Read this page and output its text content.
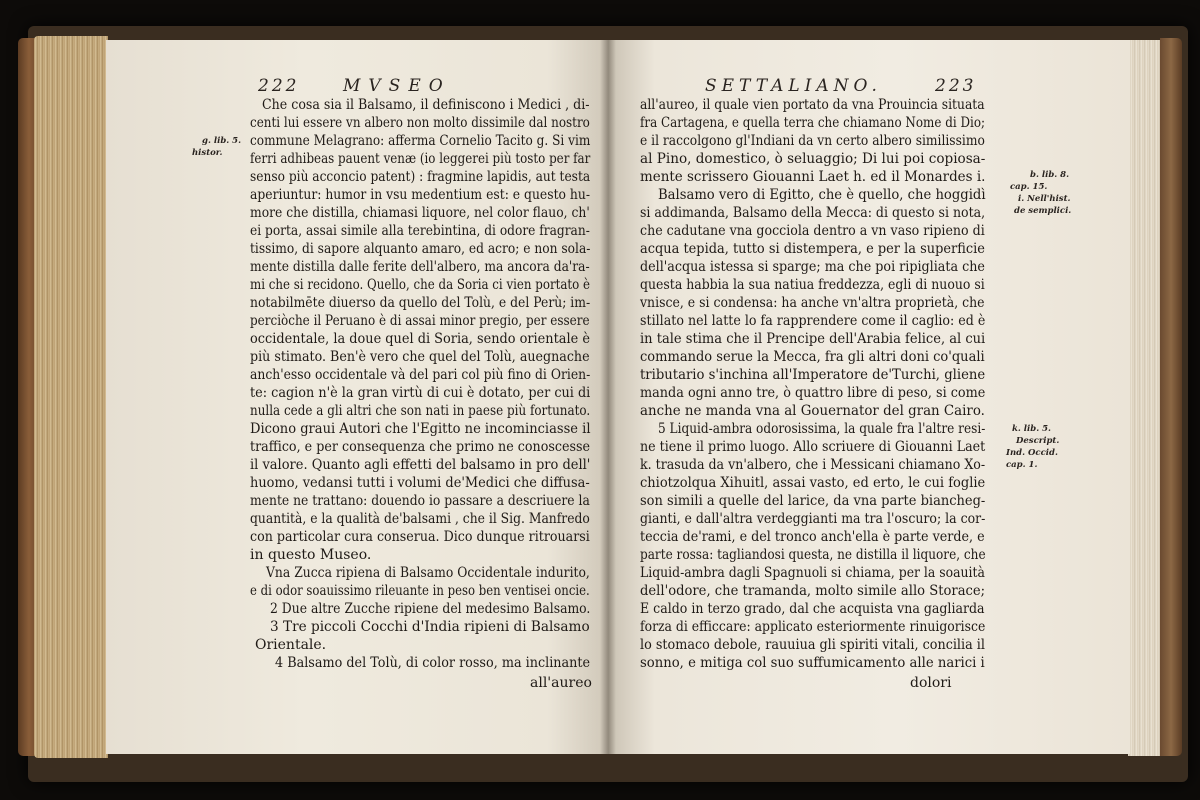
222	MVSEO	SETTALIANO.	223
Che cosa sia il Balsamo, il definiscono i Medici , di-
centi lui essere vn albero non molto dissimile dal nostro
commune Melagrano: afferma Cornelio Tacito g. Si vim
ferri adhibeas pauent venæ (io leggerei più tosto per far
senso più acconcio patent) : fragmine lapidis, aut testa
aperiuntur: humor in vsu medentium est: e questo hu-
more che distilla, chiamasi liquore, nel color flauo, ch'
ei porta, assai simile alla terebintina, di odore fragran-
tissimo, di sapore alquanto amaro, ed acro; e non sola-
mente distilla dalle ferite dell'albero, ma ancora da'ra-
mi che si recidono. Quello, che da Soria ci vien portato è
notabilmēte diuerso da quello del Tolù, e del Perù; im-
perciòche il Peruano è di assai minor pregio, per essere
occidentale, la doue quel di Soria, sendo orientale è
più stimato. Ben'è vero che quel del Tolù, auegnache
anch'esso occidentale và del pari col più fino di Orien-
te: cagion n'è la gran virtù di cui è dotato, per cui di
nulla cede a gli altri che son nati in paese più fortunato.
Dicono graui Autori che l'Egitto ne incominciasse il
traffico, e per consequenza che primo ne conoscesse
il valore. Quanto agli effetti del balsamo in pro dell'
huomo, vedansi tutti i volumi de'Medici che diffusa-
mente ne trattano: douendo io passare a descriuere la
quantità, e la qualità de'balsami , che il Sig. Manfredo
con particolar cura conserua. Dico dunque ritrouarsi
in questo Museo.
Vna Zucca ripiena di Balsamo Occidentale indurito,
e di odor soauissimo rileuante in peso ben ventisei oncie.
2 Due altre Zucche ripiene del medesimo Balsamo.
3 Tre piccoli Cocchi d'India ripieni di Balsamo
Orientale.
4 Balsamo del Tolù, di color rosso, ma inclinante
all'aureo
g. lib. 5.
histor.
all'aureo, il quale vien portato da vna Prouincia situata
fra Cartagena, e quella terra che chiamano Nome di Dio;
e il raccolgono gl'Indiani da vn certo albero similissimo
al Pino, domestico, ò seluaggio; Di lui poi copiosa-
mente scrissero Giouanni Laet h. ed il Monardes i.
Balsamo vero di Egitto, che è quello, che hoggidì
si addimanda, Balsamo della Mecca: di questo si nota,
che cadutane vna gocciola dentro a vn vaso ripieno di
acqua tepida, tutto si distempera, e per la superficie
dell'acqua istessa si sparge; ma che poi ripigliata che
questa habbia la sua natiua freddezza, egli di nuouo si
vnisce, e si condensa: ha anche vn'altra proprietà, che
stillato nel latte lo fa rapprendere come il caglio: ed è
in tale stima che il Prencipe dell'Arabia felice, al cui
commando serue la Mecca, fra gli altri doni co'quali
tributario s'inchina all'Imperatore de'Turchi, gliene
manda ogni anno tre, ò quattro libre di peso, si come
anche ne manda vna al Gouernator del gran Cairo.
5 Liquid-ambra odorosissima, la quale fra l'altre resi-
ne tiene il primo luogo. Allo scriuere di Giouanni Laet
k. trasuda da vn'albero, che i Messicani chiamano Xo-
chiotzolqua Xihuitl, assai vasto, ed erto, le cui foglie
son simili a quelle del larice, da vna parte biancheg-
gianti, e dall'altra verdeggianti ma tra l'oscuro; la cor-
teccia de'rami, e del tronco anch'ella è parte verde, e
parte rossa: tagliandosi questa, ne distilla il liquore, che
Liquid-ambra dagli Spagnuoli si chiama, per la soauità
dell'odore, che tramanda, molto simile allo Storace;
E caldo in terzo grado, dal che acquista vna gagliarda
forza di efficcare: applicato esteriormente rinuigorisce
lo stomaco debole, rauuiua gli spiriti vitali, concilia il
sonno, e mitiga col suo suffumicamento alle narici i
dolori
b. lib. 8.
cap. 15.
i. Nell'hist.
de semplici.
k. lib. 5.
Descript.
Ind. Occid.
cap. 1.
